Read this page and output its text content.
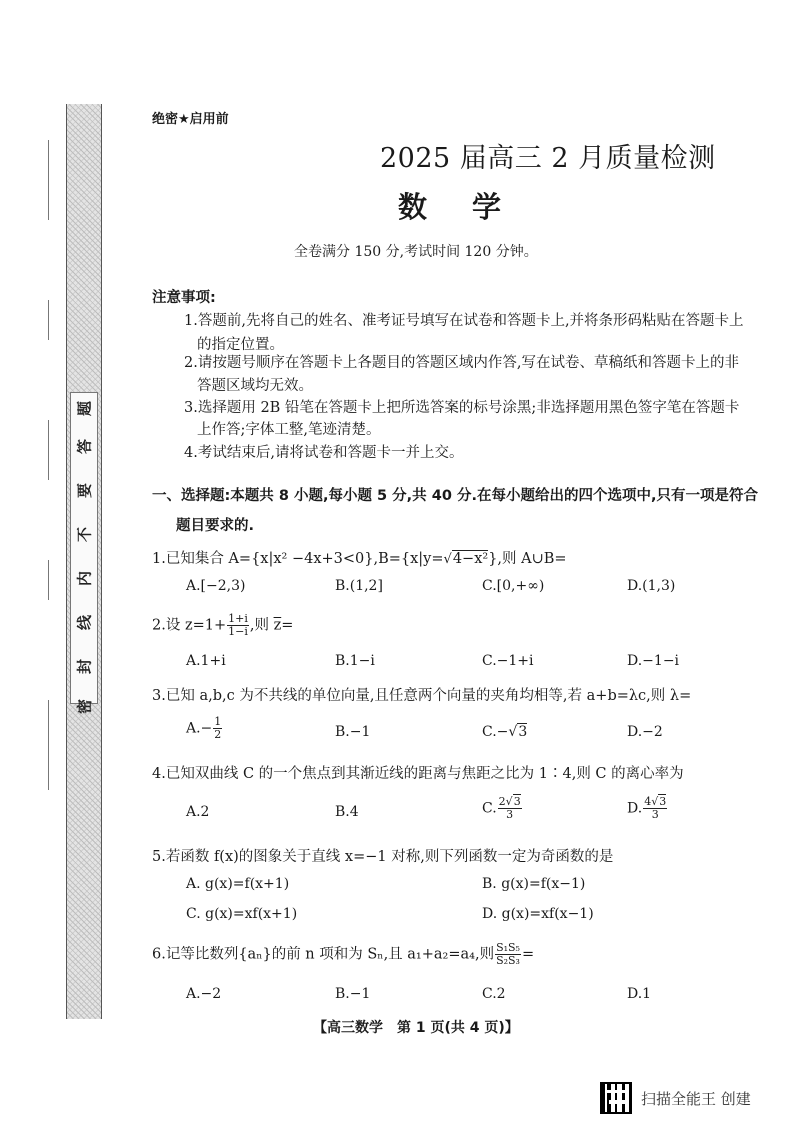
题
答
要
不
内
线
封
密
绝密★启用前
2025 届高三 2 月质量检测
数　学
全卷满分 150 分,考试时间 120 分钟。
注意事项:
1.答题前,先将自己的姓名、准考证号填写在试卷和答题卡上,并将条形码粘贴在答题卡上
的指定位置。
2.请按题号顺序在答题卡上各题目的答题区域内作答,写在试卷、草稿纸和答题卡上的非
答题区域均无效。
3.选择题用 2B 铅笔在答题卡上把所选答案的标号涂黑;非选择题用黑色签字笔在答题卡
上作答;字体工整,笔迹清楚。
4.考试结束后,请将试卷和答题卡一并上交。
一、选择题:本题共 8 小题,每小题 5 分,共 40 分.在每小题给出的四个选项中,只有一项是符合
题目要求的.
1.已知集合 A={x|x² −4x+3<0},B={x|y=√4−x²},则 A∪B=
A.[−2,3)	B.(1,2]	C.[0,+∞)	D.(1,3)
2.设 $z=1+ \frac{1+i}{1-i}$ ,则 $\overline{z}=$
A.1+i	B.1−i	C.−1+i	D.−1−i
3.已知 a,b,c 为不共线的单位向量,且任意两个向量的夹角均相等,若 a+b=λc,则 λ=
$A.- \frac{1}{2}$	B.−1	C.−√3	D.−2
4.已知双曲线 C 的一个焦点到其渐近线的距离与焦距之比为 1∶4,则 C 的离心率为
A.2	B.4	C. $\frac{2√3}{3}$	D. $\frac{4√3}{3}$
5.若函数 f(x)的图象关于直线 x=−1 对称,则下列函数一定为奇函数的是
A. g(x)=f(x+1)	B. g(x)=f(x−1)
C. g(x)=xf(x+1)	D. g(x)=xf(x−1)
6.记等比数列{aₙ}的前 n 项和为 Sₙ,且 a₁+a₂=a₄,则 $\frac{\text{S₁S₅}}{\text{S₂S₃}}$ =
A.−2	B.−1	C.2	D.1
【高三数学　第 1 页(共 4 页)】
扫描全能王 创建
